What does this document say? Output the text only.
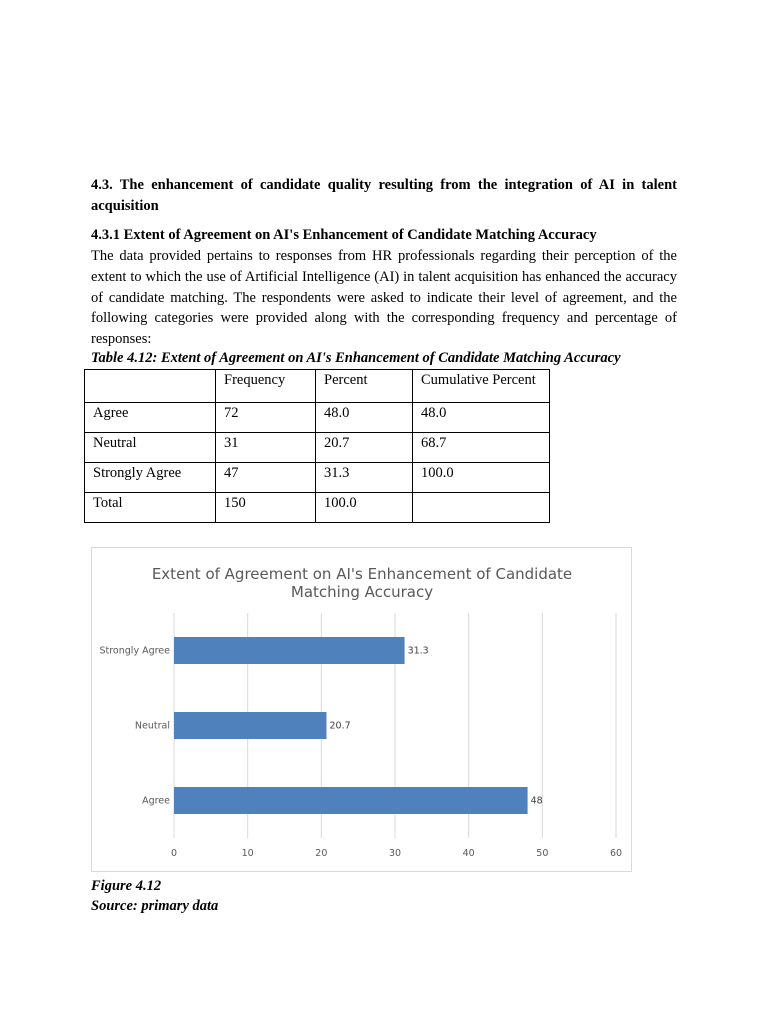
4.3. The enhancement of candidate quality resulting from the integration of AI in talent acquisition

4.3.1 Extent of Agreement on AI's Enhancement of Candidate Matching Accuracy

The data provided pertains to responses from HR professionals regarding their perception of the extent to which the use of Artificial Intelligence (AI) in talent acquisition has enhanced the accuracy of candidate matching. The respondents were asked to indicate their level of agreement, and the following categories were provided along with the corresponding frequency and percentage of responses:

Table 4.12: Extent of Agreement on AI's Enhancement of Candidate Matching Accuracy

	Frequency	Percent	Cumulative Percent
Agree	72	48.0	48.0
Neutral	31	20.7	68.7
Strongly Agree	47	31.3	100.0
Total	150	100.0	
Extent of Agreement on AI's Enhancement of Candidate
Matching Accuracy
0	10	20	30	40	50	60
Agree	48
Neutral	20.7
Strongly Agree	31.3

Figure 4.12

Source: primary data
